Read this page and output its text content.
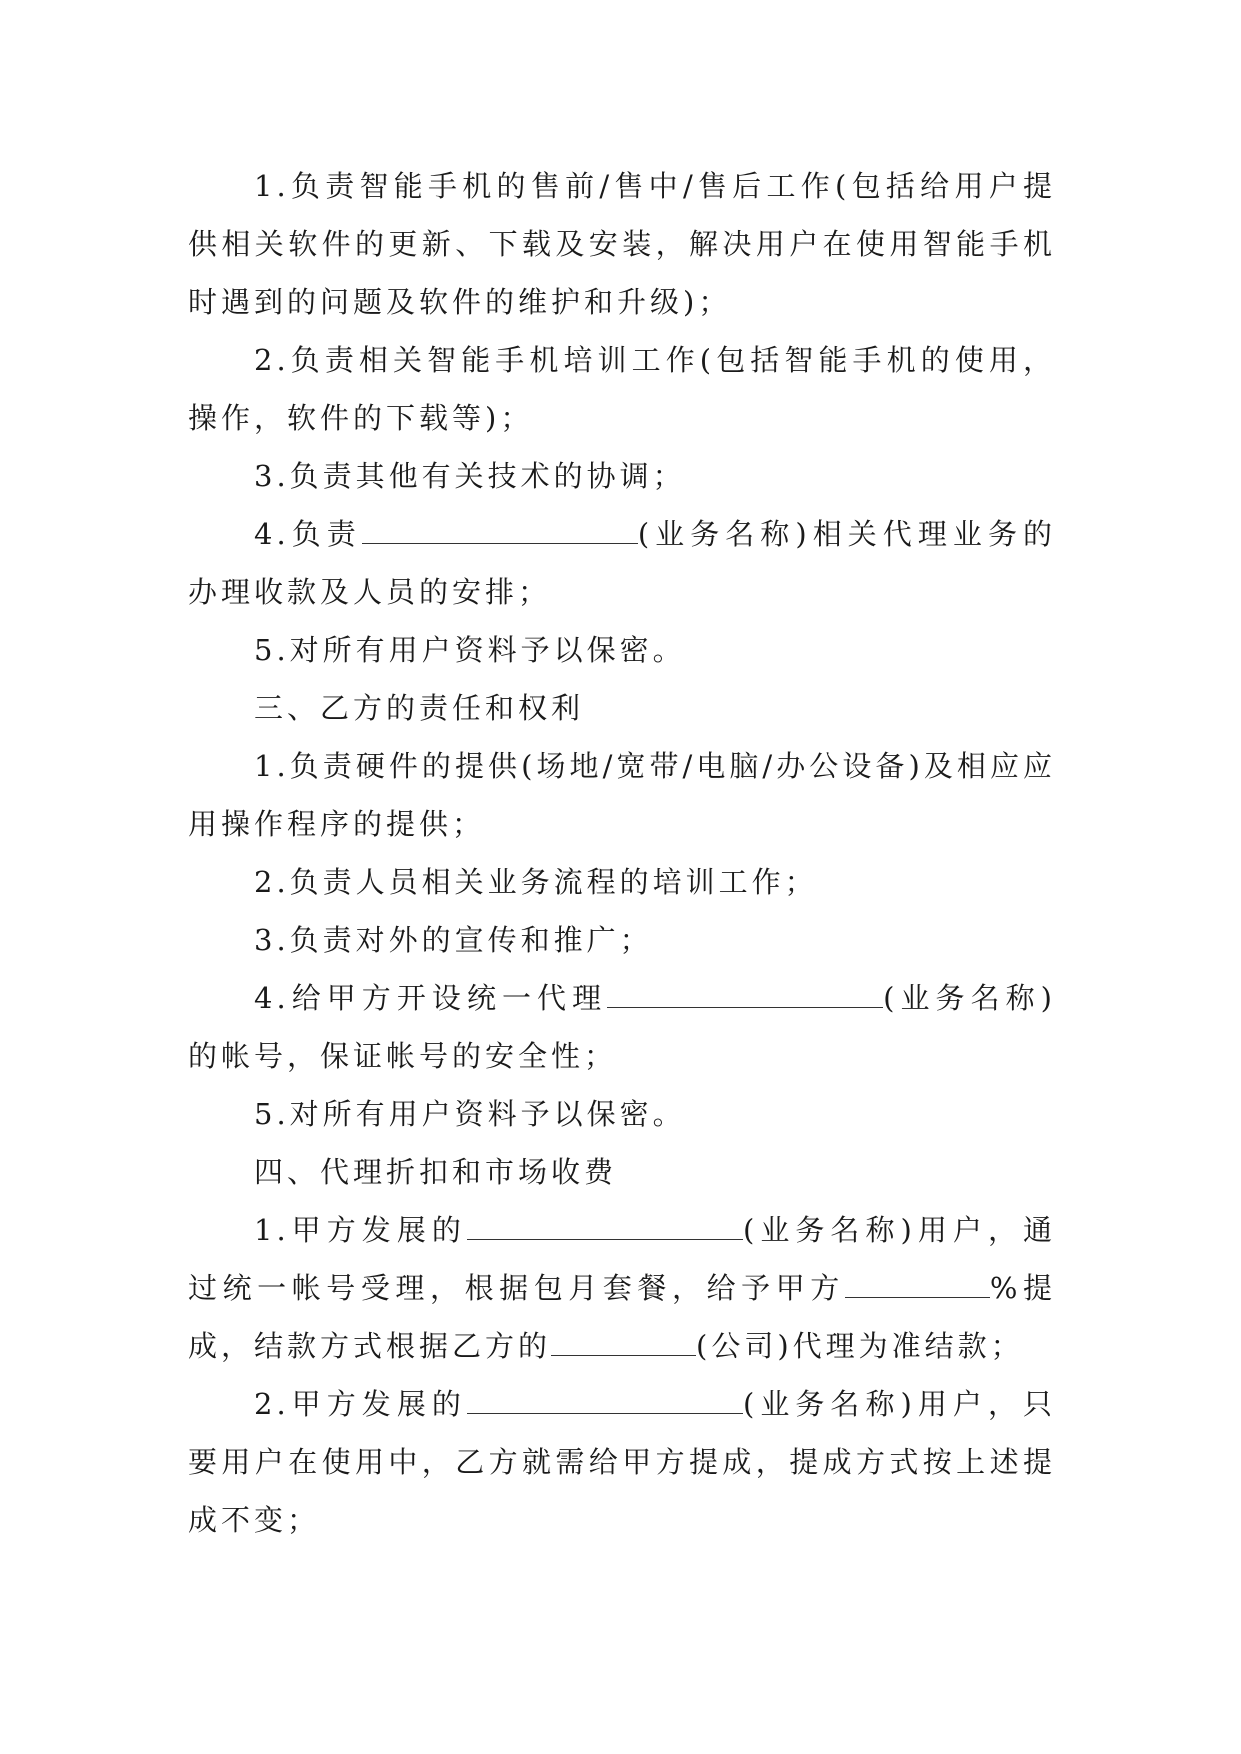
1.负责智能手机的售前/售中/售后工作(包括给用户提供相关软件的更新、下载及安装，解决用户在使用智能手机时遇到的问题及软件的维护和升级)；

2.负责相关智能手机培训工作(包括智能手机的使用，操作，软件的下载等)；

3.负责其他有关技术的协调；

4.负责	(业务名称)相关代理业务的办理收款及人员的安排；

5.对所有用户资料予以保密。

三、乙方的责任和权利

1.负责硬件的提供(场地/宽带/电脑/办公设备)及相应应用操作程序的提供；

2.负责人员相关业务流程的培训工作；

3.负责对外的宣传和推广；

4.给甲方开设统一代理	(业务名称)的帐号，保证帐号的安全性；

5.对所有用户资料予以保密。

四、代理折扣和市场收费

1.甲方发展的	(业务名称)用户，通过统一帐号受理，根据包月套餐，给予甲方	%提成，结款方式根据乙方的	(公司)代理为准结款；

2.甲方发展的	(业务名称)用户，只要用户在使用中，乙方就需给甲方提成，提成方式按上述提成不变；
